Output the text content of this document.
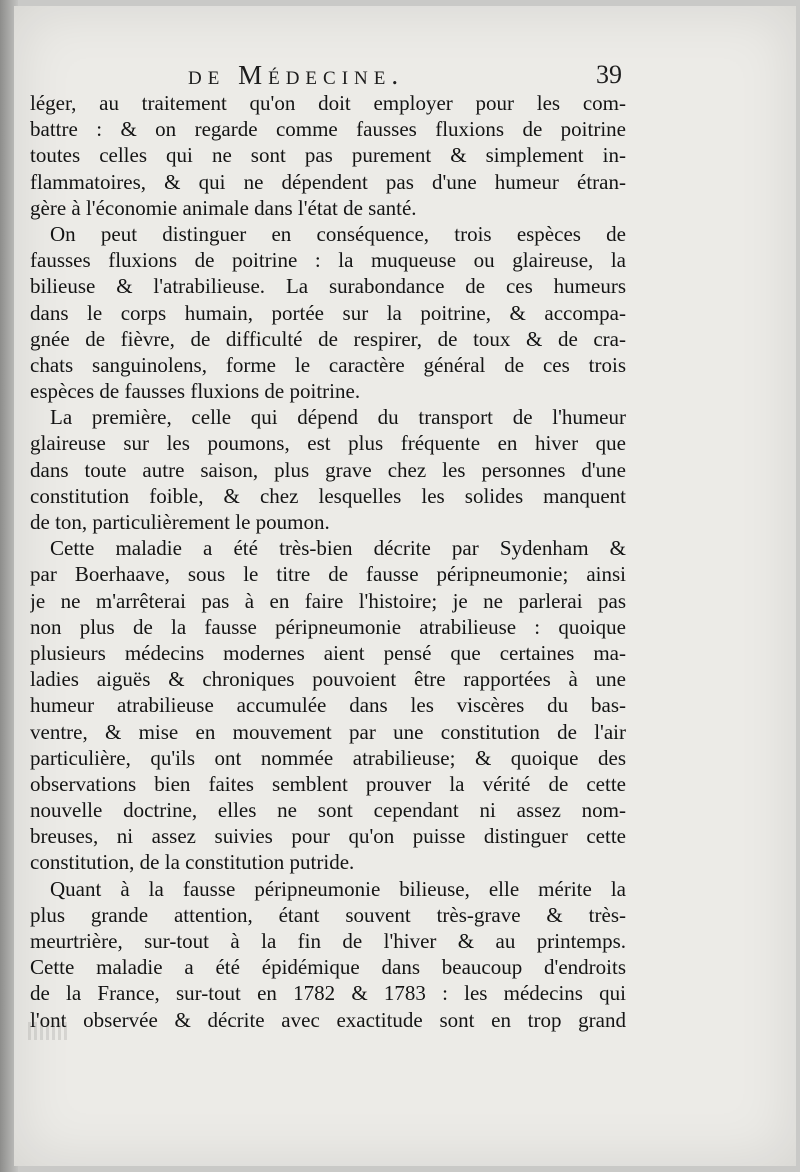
de Médecine.	39
léger, au traitement qu'on doit employer pour les com-
battre : & on regarde comme fausses fluxions de poitrine
toutes celles qui ne sont pas purement & simplement in-
flammatoires, & qui ne dépendent pas d'une humeur étran-
gère à l'économie animale dans l'état de santé.
On peut distinguer en conséquence, trois espèces de
fausses fluxions de poitrine : la muqueuse ou glaireuse, la
bilieuse & l'atrabilieuse. La surabondance de ces humeurs
dans le corps humain, portée sur la poitrine, & accompa-
gnée de fièvre, de difficulté de respirer, de toux & de cra-
chats sanguinolens, forme le caractère général de ces trois
espèces de fausses fluxions de poitrine.
La première, celle qui dépend du transport de l'humeur
glaireuse sur les poumons, est plus fréquente en hiver que
dans toute autre saison, plus grave chez les personnes d'une
constitution foible, & chez lesquelles les solides manquent
de ton, particulièrement le poumon.
Cette maladie a été très-bien décrite par Sydenham &
par Boerhaave, sous le titre de fausse péripneumonie; ainsi
je ne m'arrêterai pas à en faire l'histoire; je ne parlerai pas
non plus de la fausse péripneumonie atrabilieuse : quoique
plusieurs médecins modernes aient pensé que certaines ma-
ladies aiguës & chroniques pouvoient être rapportées à une
humeur atrabilieuse accumulée dans les viscères du bas-
ventre, & mise en mouvement par une constitution de l'air
particulière, qu'ils ont nommée atrabilieuse; & quoique des
observations bien faites semblent prouver la vérité de cette
nouvelle doctrine, elles ne sont cependant ni assez nom-
breuses, ni assez suivies pour qu'on puisse distinguer cette
constitution, de la constitution putride.
Quant à la fausse péripneumonie bilieuse, elle mérite la
plus grande attention, étant souvent très-grave & très-
meurtrière, sur-tout à la fin de l'hiver & au printemps.
Cette maladie a été épidémique dans beaucoup d'endroits
de la France, sur-tout en 1782 & 1783 : les médecins qui
l'ont observée & décrite avec exactitude sont en trop grand
